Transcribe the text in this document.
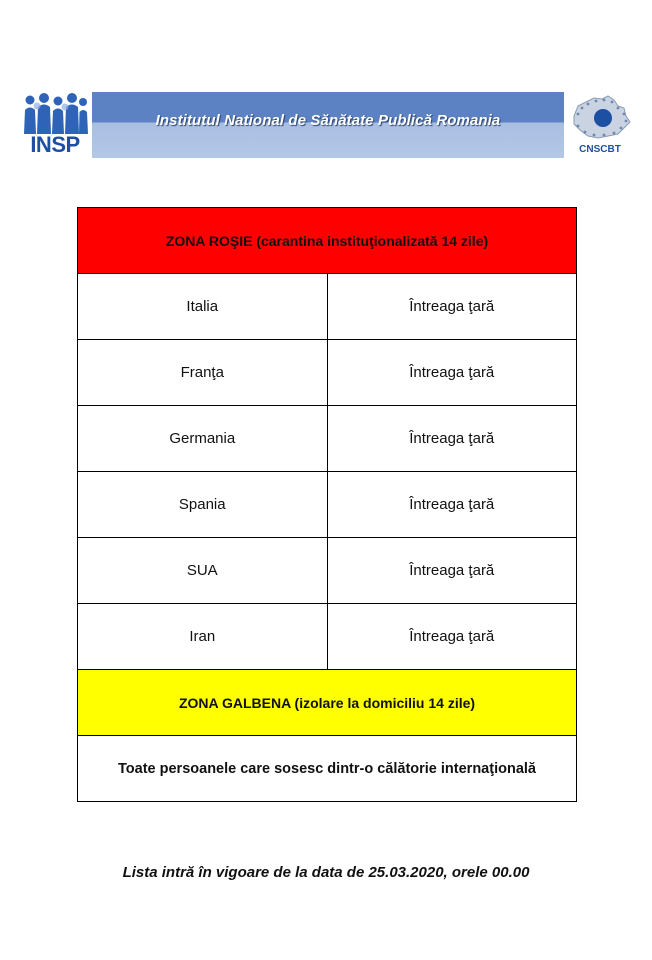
INSP
Institutul National de Sănătate Publică Romania
CNSCBT
ZONA ROŞIE (carantina instituţionalizată 14 zile)	
Italia	Întreaga ţară
Franţa	Întreaga ţară
Germania	Întreaga ţară
Spania	Întreaga ţară
SUA	Întreaga ţară
Iran	Întreaga ţară
ZONA GALBENA (izolare la domiciliu 14 zile)	
Toate persoanele care sosesc dintr-o călătorie internaţională	
Lista intră în vigoare de la data de 25.03.2020, orele 00.00
